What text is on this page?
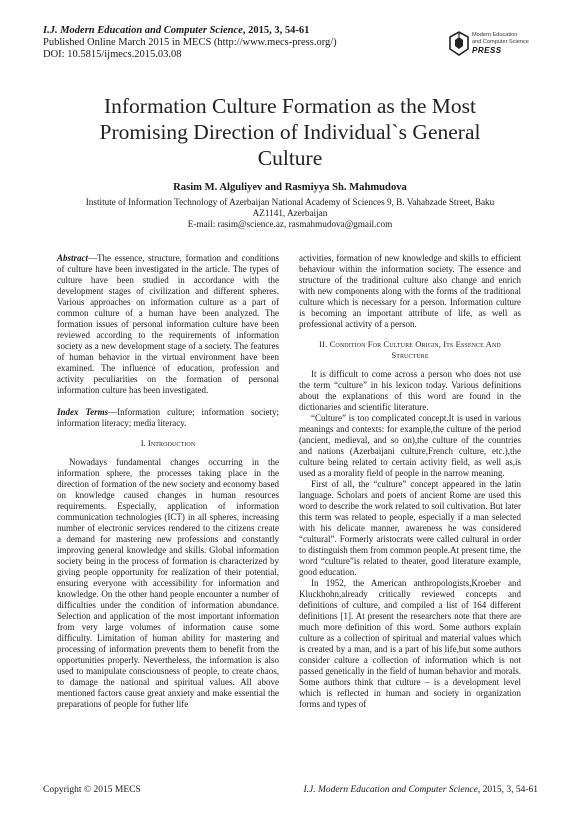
I.J. Modern Education and Computer Science, 2015, 3, 54-61
Published Online March 2015 in MECS (http://www.mecs-press.org/)
DOI: 10.5815/ijmecs.2015.03.08
Modern Education
and Computer Science
PRESS
Information Culture Formation as the Most
Promising Direction of Individual`s General
Culture
Rasim M. Alguliyev and Rasmiyya Sh. Mahmudova
Institute of Information Technology of Azerbaijan National Academy of Sciences 9, B. Vahabzade Street, Baku
AZ1141, Azerbaijan
E-mail: rasim@science.az, rasmahmudova@gmail.com

Abstract—The essence, structure, formation and conditions of culture have been investigated in the article. The types of culture have been studied in accordance with the development stages of civilization and different spheres. Various approaches on information culture as a part of common culture of a human have been analyzed. The formation issues of personal information culture have been reviewed according to the requirements of information society as a new development stage of a society. The features of human behavior in the virtual environment have been examined. The influence of education, profession and activity peculiarities on the formation of personal information culture has been investigated.

Index Terms—Information culture; information society; information literacy; media literacy.

I. Introduction

Nowadays fundamental changes occurring in the information sphere, the processes taking place in the direction of formation of the new society and economy based on knowledge caused changes in human resources requirements. Especially, application of information communication technologies (ICT) in all spheres, increasing number of electronic services rendered to the citizens create a demand for mastering new professions and constantly improving general knowledge and skills. Global information society being in the process of formation is characterized by giving people opportunity for realization of their potential, ensuring everyone with accessibility for information and knowledge. On the other hand people encounter a number of difficulties under the condition of information abundance. Selection and application of the most important information from very large volumes of information cause some difficulty. Limitation of human ability for mastering and processing of information prevents them to benefit from the opportunities properly. Nevertheless, the information is also used to manipulate consciousness of people, to create chaos, to damage the national and spiritual values. All above mentioned factors cause great anxiety and make essential the preparations of people for futher life

activities, formation of new knowledge and skills to efficient behaviour within the information society. The essence and structure of the traditional culture also change and enrich with new components along with the forms of the traditional culture which is necessary for a person. Information culture is becoming an important attribute of life, as well as professional activity of a person.

II. Condition For Culture Origin, Its Essence And
Structure

It is difficult to come across a person who does not use the term “culture” in his lexicon today. Various definitions about the explanations of this word are found in the dictionaries and scientific literature.

“Culture” is too complicated concept.It is used in various meanings and contexts: for example,the culture of the period (ancient, medieval, and so on),the culture of the countries and nations (Azerbaijani culture,French culture, etc.),the culture being related to certain activity field, as well as,is used as a morality field of people in the narrow meaning.

First of all, the “culture” concept appeared in the latin language. Scholars and poets of ancient Rome are used this word to describe the work related to soil cultivation. But later this term was related to people, especially if a man selected with his delicate manner, awareness he was considered “cultural”. Formerly aristocrats were called cultural in order to distinguish them from common people.At present time, the word “culture”is related to theater, good literature example, good education.

In 1952, the American anthropologists,Kroeber and Kluckhohn,already critically reviewed concepts and definitions of culture, and compiled a list of 164 different definitions [1]. At present the researchers note that there are much more definition of this word. Some authors explain culture as a collection of spiritual and material values which is created by a man, and is a part of his life,but some authors consider culture a collection of information which is not passed genetically in the field of human behavior and morals. Some authors think that culture – is a development level which is reflected in human and society in organization forms and types of

Copyright © 2015 MECS	I.J. Modern Education and Computer Science, 2015, 3, 54-61
